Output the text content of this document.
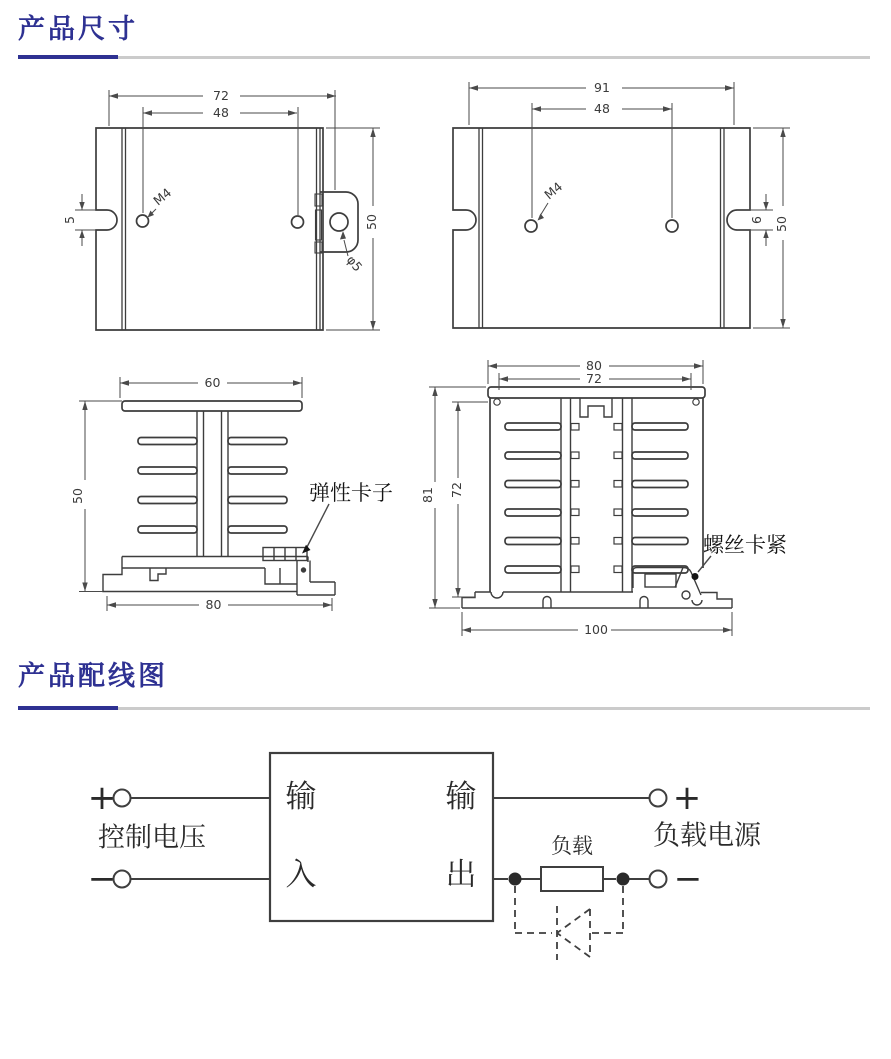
产品尺寸
72
48
5	50
M4
φ5
91
48
6 50
M4
60
50
80
弹性卡子
80
72
81 72
100
螺丝卡紧
产品配线图
输
入
输
出
+
−
控制电压
+
−
负载电源
负载
